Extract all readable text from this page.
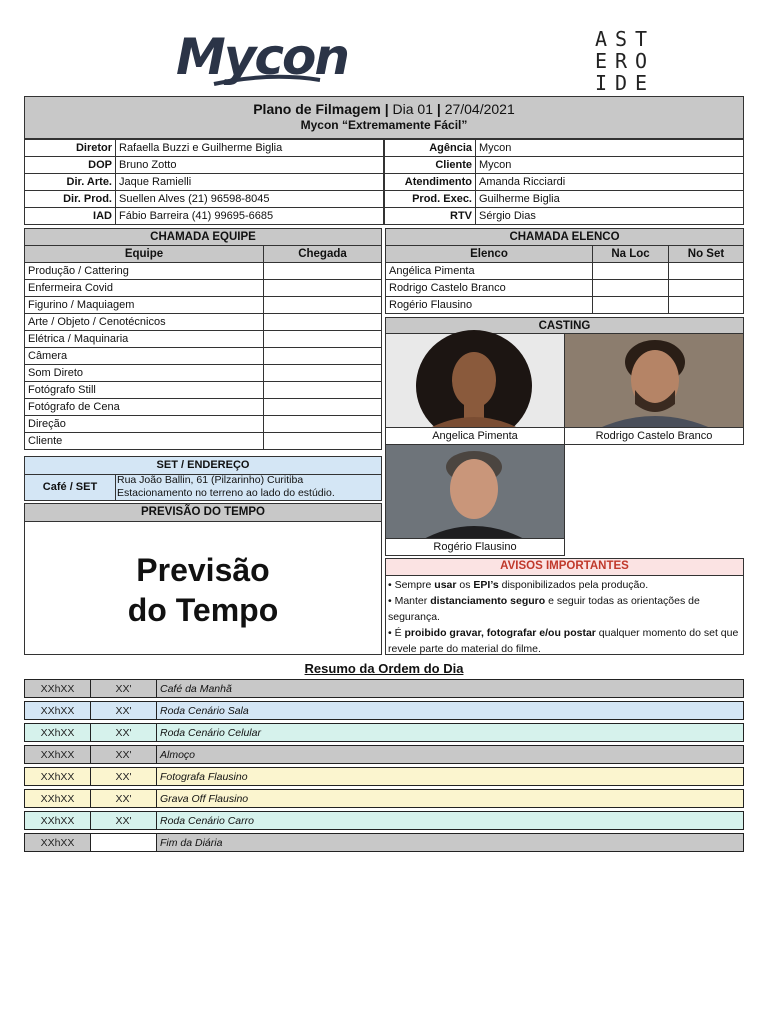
Mycon	AST
ERO
IDE
Plano de Filmagem | Dia 01 | 27/04/2021
Mycon “Extremamente Fácil”
Diretor	Rafaella Buzzi e Guilherme Biglia
DOP	Bruno Zotto
Dir. Arte.	Jaque Ramielli
Dir. Prod.	Suellen Alves (21) 96598-8045
IAD	Fábio Barreira (41) 99695-6685
Agência	Mycon
Cliente	Mycon
Atendimento	Amanda Ricciardi
Prod. Exec.	Guilherme Biglia
RTV	Sérgio Dias
CHAMADA EQUIPE	
Equipe	Chegada
Produção / Cattering	
Enfermeira Covid	
Figurino / Maquiagem	
Arte / Objeto / Cenotécnicos	
Elétrica / Maquinaria	
Câmera	
Som Direto	
Fotógrafo Still	
Fotógrafo de Cena	
Direção	
Cliente	
CHAMADA ELENCO		
Elenco	Na Loc	No Set
Angélica Pimenta		
Rodrigo Castelo Branco		
Rogério Flausino		
CASTING
Angelica Pimenta	Rodrigo Castelo Branco
Rogério Flausino
SET / ENDEREÇO
Café / SET
Rua João Ballin, 61 (Pilzarinho) Curitiba
Estacionamento no terreno ao lado do estúdio.
PREVISÃO DO TEMPO
Previsão
do Tempo
AVISOS IMPORTANTES
• Sempre usar os EPI’s disponibilizados pela produção.
• Manter distanciamento seguro e seguir todas as orientações de segurança.
• É proibido gravar, fotografar e/ou postar qualquer momento do set que revele parte do material do filme.
Resumo da Ordem do Dia
XXhXX	XX'	Café da Manhã

XXhXX	XX'	Roda Cenário Sala

XXhXX	XX'	Roda Cenário Celular

XXhXX	XX'	Almoço

XXhXX	XX'	Fotografa Flausino

XXhXX	XX'	Grava Off Flausino

XXhXX	XX'	Roda Cenário Carro

XXhXX		Fim da Diária
